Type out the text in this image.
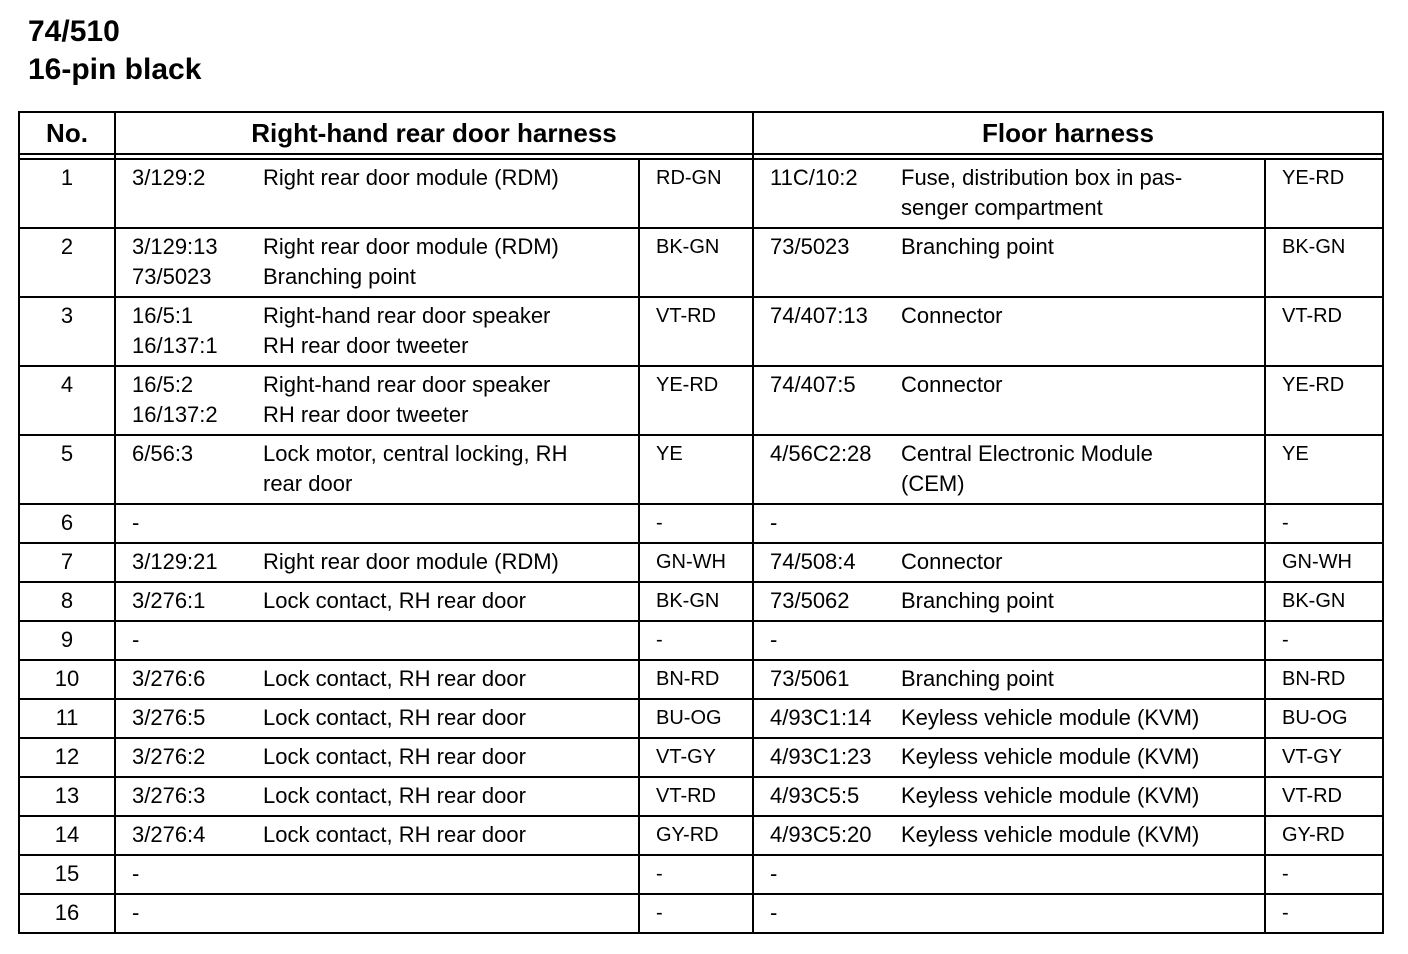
74/510
16-pin black
No.	Right-hand rear door harness			Floor harness		

1	3/129:2	Right rear door module (RDM)	RD-GN	11C/10:2	Fuse, distribution box in pas-
senger compartment	YE-RD
2	3/129:13
73/5023	Right rear door module (RDM)
Branching point	BK-GN	73/5023	Branching point	BK-GN
3	16/5:1
16/137:1	Right-hand rear door speaker
RH rear door tweeter	VT-RD	74/407:13	Connector	VT-RD
4	16/5:2
16/137:2	Right-hand rear door speaker
RH rear door tweeter	YE-RD	74/407:5	Connector	YE-RD
5	6/56:3	Lock motor, central locking, RH
rear door	YE	4/56C2:28	Central Electronic Module
(CEM)	YE
6	-		-	-		-
7	3/129:21	Right rear door module (RDM)	GN-WH	74/508:4	Connector	GN-WH
8	3/276:1	Lock contact, RH rear door	BK-GN	73/5062	Branching point	BK-GN
9	-		-	-		-
10	3/276:6	Lock contact, RH rear door	BN-RD	73/5061	Branching point	BN-RD
11	3/276:5	Lock contact, RH rear door	BU-OG	4/93C1:14	Keyless vehicle module (KVM)	BU-OG
12	3/276:2	Lock contact, RH rear door	VT-GY	4/93C1:23	Keyless vehicle module (KVM)	VT-GY
13	3/276:3	Lock contact, RH rear door	VT-RD	4/93C5:5	Keyless vehicle module (KVM)	VT-RD
14	3/276:4	Lock contact, RH rear door	GY-RD	4/93C5:20	Keyless vehicle module (KVM)	GY-RD
15	-		-	-		-
16	-		-	-		-
